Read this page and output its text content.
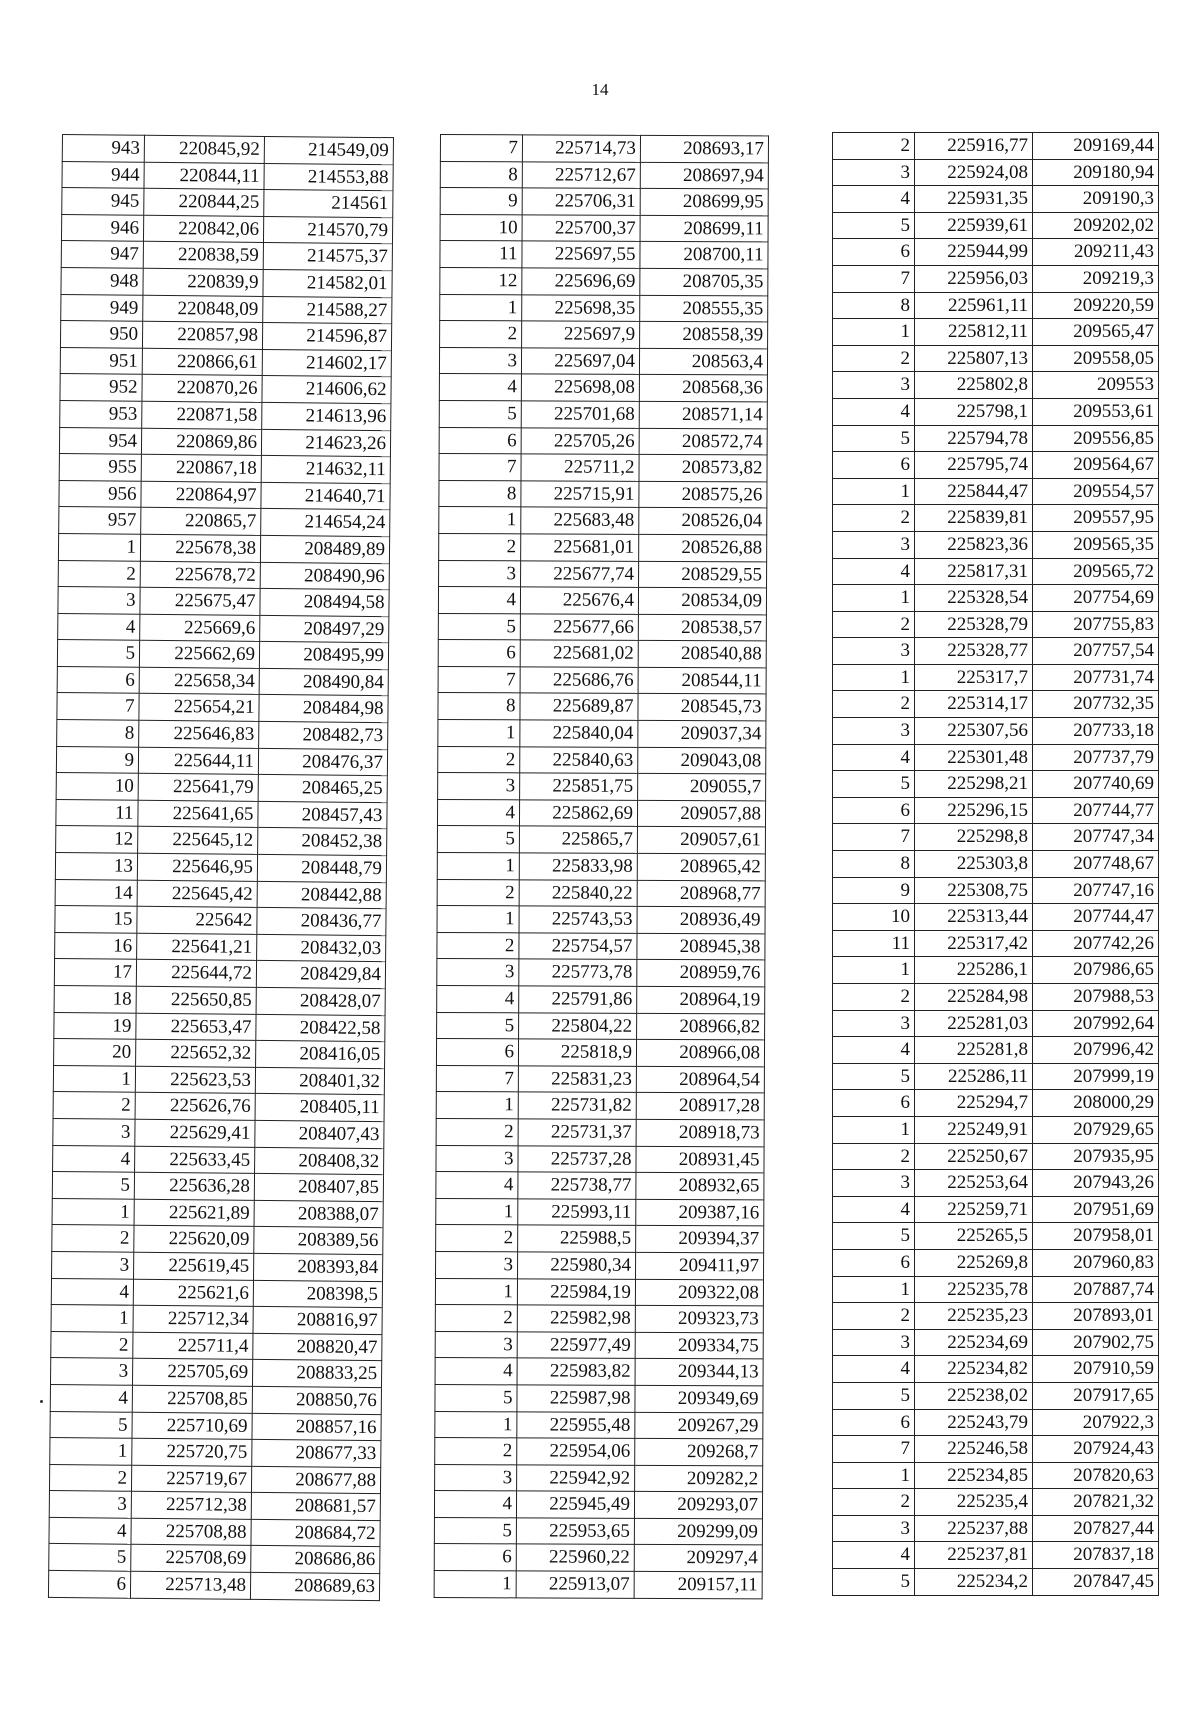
14
943	220845,92	214549,09
944	220844,11	214553,88
945	220844,25	214561
946	220842,06	214570,79
947	220838,59	214575,37
948	220839,9	214582,01
949	220848,09	214588,27
950	220857,98	214596,87
951	220866,61	214602,17
952	220870,26	214606,62
953	220871,58	214613,96
954	220869,86	214623,26
955	220867,18	214632,11
956	220864,97	214640,71
957	220865,7	214654,24
1	225678,38	208489,89
2	225678,72	208490,96
3	225675,47	208494,58
4	225669,6	208497,29
5	225662,69	208495,99
6	225658,34	208490,84
7	225654,21	208484,98
8	225646,83	208482,73
9	225644,11	208476,37
10	225641,79	208465,25
11	225641,65	208457,43
12	225645,12	208452,38
13	225646,95	208448,79
14	225645,42	208442,88
15	225642	208436,77
16	225641,21	208432,03
17	225644,72	208429,84
18	225650,85	208428,07
19	225653,47	208422,58
20	225652,32	208416,05
1	225623,53	208401,32
2	225626,76	208405,11
3	225629,41	208407,43
4	225633,45	208408,32
5	225636,28	208407,85
1	225621,89	208388,07
2	225620,09	208389,56
3	225619,45	208393,84
4	225621,6	208398,5
1	225712,34	208816,97
2	225711,4	208820,47
3	225705,69	208833,25
4	225708,85	208850,76
5	225710,69	208857,16
1	225720,75	208677,33
2	225719,67	208677,88
3	225712,38	208681,57
4	225708,88	208684,72
5	225708,69	208686,86
6	225713,48	208689,63
7	225714,73	208693,17
8	225712,67	208697,94
9	225706,31	208699,95
10	225700,37	208699,11
11	225697,55	208700,11
12	225696,69	208705,35
1	225698,35	208555,35
2	225697,9	208558,39
3	225697,04	208563,4
4	225698,08	208568,36
5	225701,68	208571,14
6	225705,26	208572,74
7	225711,2	208573,82
8	225715,91	208575,26
1	225683,48	208526,04
2	225681,01	208526,88
3	225677,74	208529,55
4	225676,4	208534,09
5	225677,66	208538,57
6	225681,02	208540,88
7	225686,76	208544,11
8	225689,87	208545,73
1	225840,04	209037,34
2	225840,63	209043,08
3	225851,75	209055,7
4	225862,69	209057,88
5	225865,7	209057,61
1	225833,98	208965,42
2	225840,22	208968,77
1	225743,53	208936,49
2	225754,57	208945,38
3	225773,78	208959,76
4	225791,86	208964,19
5	225804,22	208966,82
6	225818,9	208966,08
7	225831,23	208964,54
1	225731,82	208917,28
2	225731,37	208918,73
3	225737,28	208931,45
4	225738,77	208932,65
1	225993,11	209387,16
2	225988,5	209394,37
3	225980,34	209411,97
1	225984,19	209322,08
2	225982,98	209323,73
3	225977,49	209334,75
4	225983,82	209344,13
5	225987,98	209349,69
1	225955,48	209267,29
2	225954,06	209268,7
3	225942,92	209282,2
4	225945,49	209293,07
5	225953,65	209299,09
6	225960,22	209297,4
1	225913,07	209157,11
2	225916,77	209169,44
3	225924,08	209180,94
4	225931,35	209190,3
5	225939,61	209202,02
6	225944,99	209211,43
7	225956,03	209219,3
8	225961,11	209220,59
1	225812,11	209565,47
2	225807,13	209558,05
3	225802,8	209553
4	225798,1	209553,61
5	225794,78	209556,85
6	225795,74	209564,67
1	225844,47	209554,57
2	225839,81	209557,95
3	225823,36	209565,35
4	225817,31	209565,72
1	225328,54	207754,69
2	225328,79	207755,83
3	225328,77	207757,54
1	225317,7	207731,74
2	225314,17	207732,35
3	225307,56	207733,18
4	225301,48	207737,79
5	225298,21	207740,69
6	225296,15	207744,77
7	225298,8	207747,34
8	225303,8	207748,67
9	225308,75	207747,16
10	225313,44	207744,47
11	225317,42	207742,26
1	225286,1	207986,65
2	225284,98	207988,53
3	225281,03	207992,64
4	225281,8	207996,42
5	225286,11	207999,19
6	225294,7	208000,29
1	225249,91	207929,65
2	225250,67	207935,95
3	225253,64	207943,26
4	225259,71	207951,69
5	225265,5	207958,01
6	225269,8	207960,83
1	225235,78	207887,74
2	225235,23	207893,01
3	225234,69	207902,75
4	225234,82	207910,59
5	225238,02	207917,65
6	225243,79	207922,3
7	225246,58	207924,43
1	225234,85	207820,63
2	225235,4	207821,32
3	225237,88	207827,44
4	225237,81	207837,18
5	225234,2	207847,45
